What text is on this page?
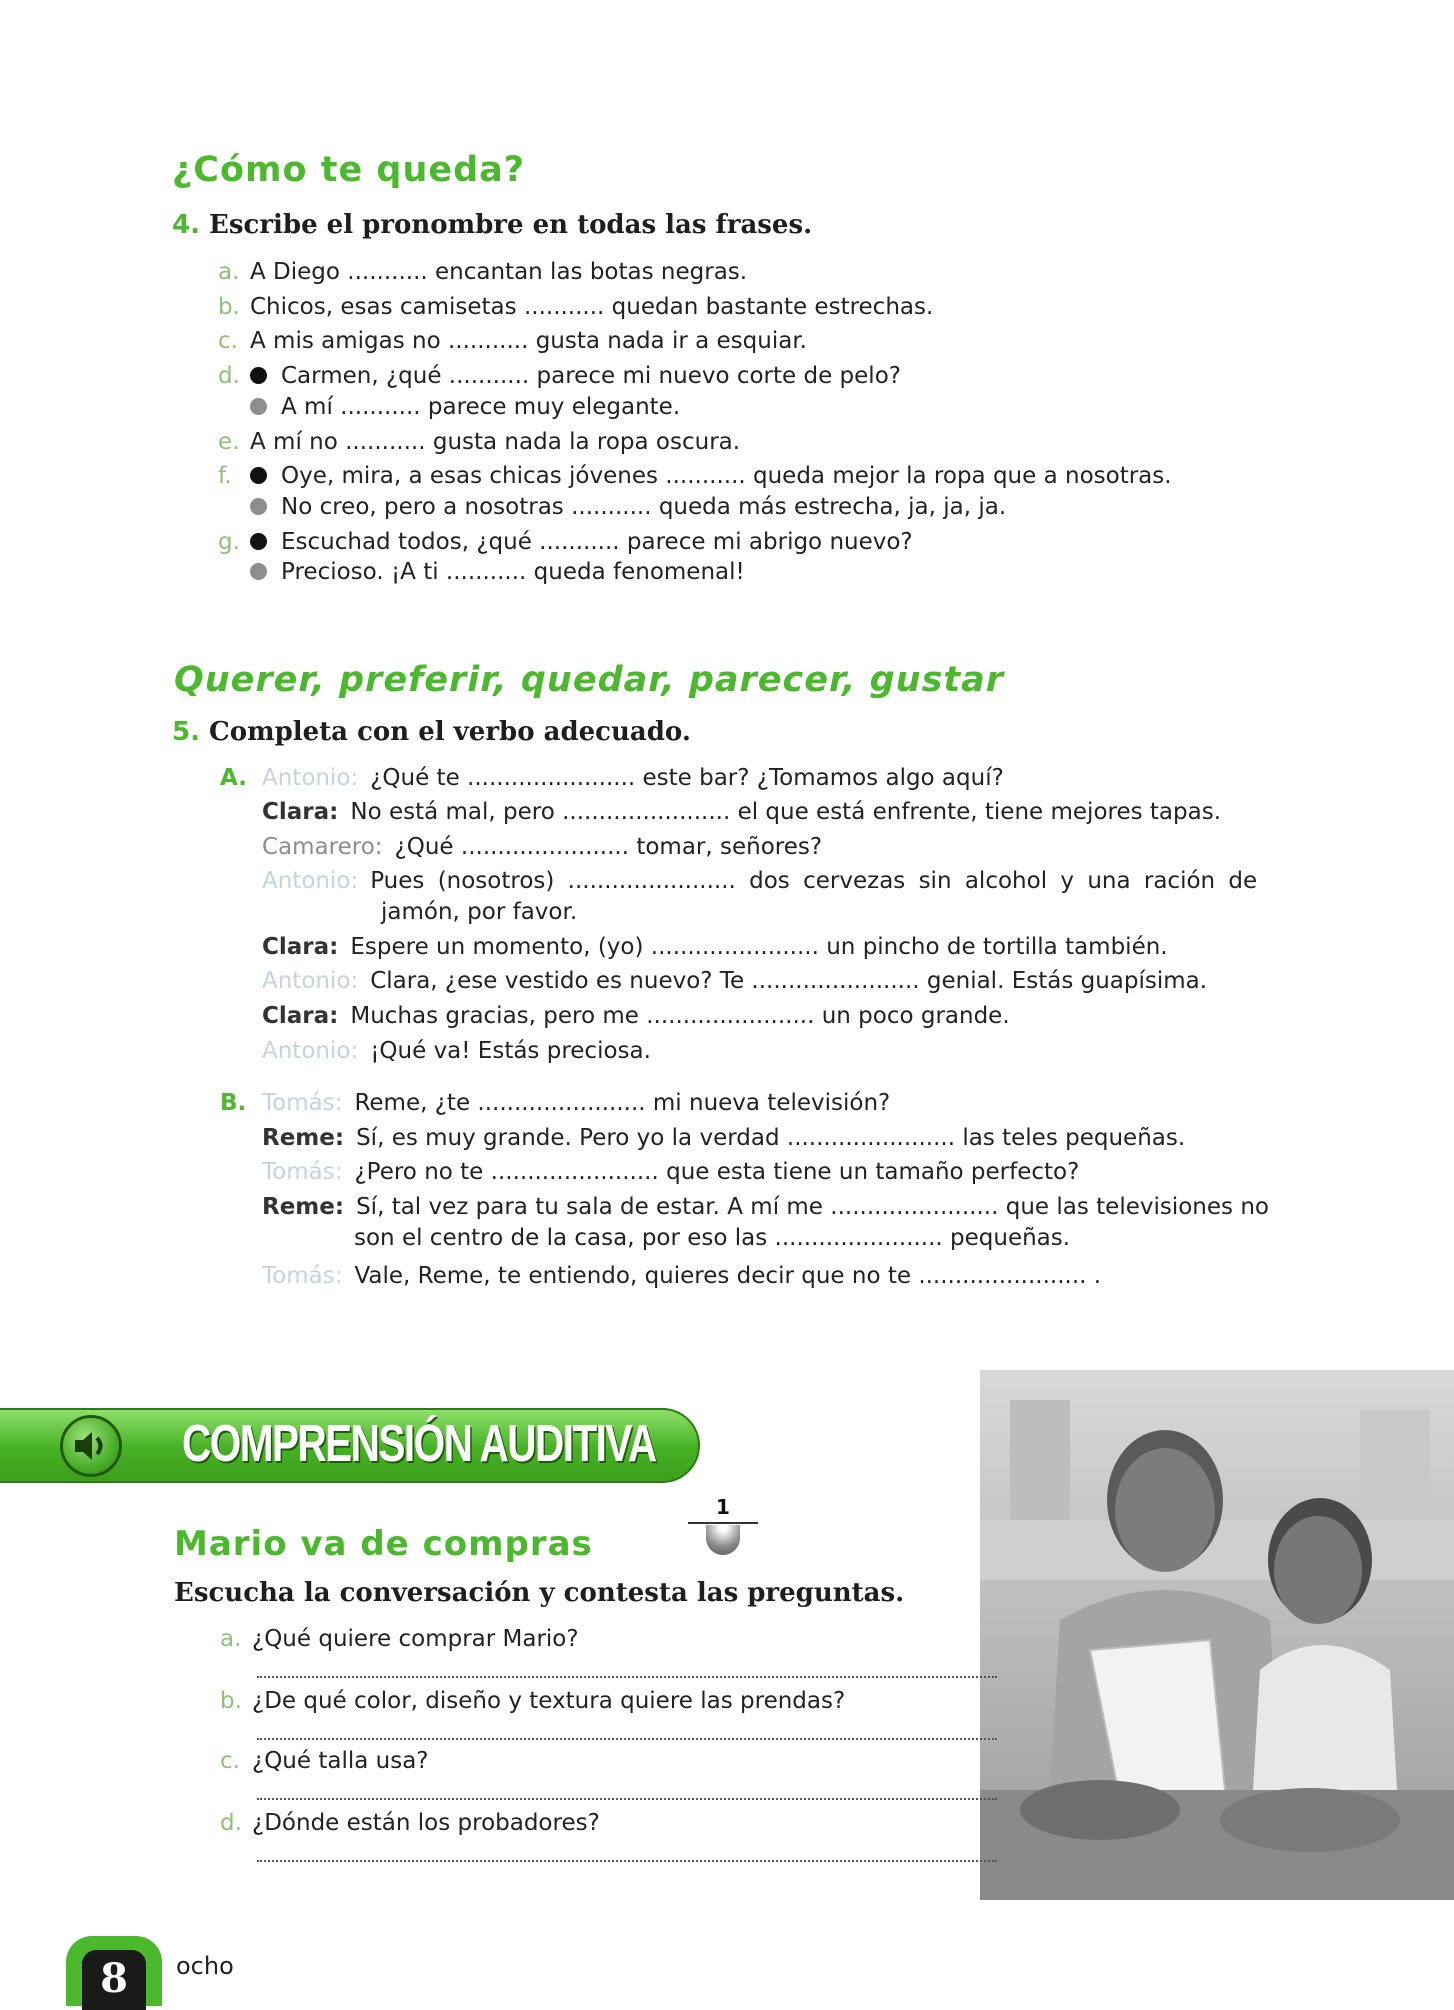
¿Cómo te queda?

4. Escribe el pronombre en todas las frases.

a. A Diego ........... encantan las botas negras.
b. Chicos, esas camisetas ........... quedan bastante estrechas.
c. A mis amigas no ........... gusta nada ir a esquiar.
d. Carmen, ¿qué ........... parece mi nuevo corte de pelo?
A mí ........... parece muy elegante.
e. A mí no ........... gusta nada la ropa oscura.
f. Oye, mira, a esas chicas jóvenes ........... queda mejor la ropa que a nosotras.
No creo, pero a nosotras ........... queda más estrecha, ja, ja, ja.
g. Escuchad todos, ¿qué ........... parece mi abrigo nuevo?
Precioso. ¡A ti ........... queda fenomenal!
Querer, preferir, quedar, parecer, gustar

5. Completa con el verbo adecuado.

A. Antonio: ¿Qué te ....................... este bar? ¿Tomamos algo aquí?
Clara: No está mal, pero ....................... el que está enfrente, tiene mejores tapas.
Camarero: ¿Qué ....................... tomar, señores?
Antonio: Pues (nosotros) ....................... dos cervezas sin alcohol y una ración de
jamón, por favor.
Clara: Espere un momento, (yo) ....................... un pincho de tortilla también.
Antonio: Clara, ¿ese vestido es nuevo? Te ....................... genial. Estás guapísima.
Clara: Muchas gracias, pero me ....................... un poco grande.
Antonio: ¡Qué va! Estás preciosa.
B. Tomás: Reme, ¿te ....................... mi nueva televisión?
Reme: Sí, es muy grande. Pero yo la verdad ....................... las teles pequeñas.
Tomás: ¿Pero no te ....................... que esta tiene un tamaño perfecto?
Reme: Sí, tal vez para tu sala de estar. A mí me ....................... que las televisiones no
son el centro de la casa, por eso las ....................... pequeñas.
Tomás: Vale, Reme, te entiendo, quieres decir que no te ....................... .
COMPRENSIÓN AUDITIVA
Mario va de compras
1

Escucha la conversación y contesta las preguntas.

a. ¿Qué quiere comprar Mario?
b. ¿De qué color, diseño y textura quiere las prendas?
c. ¿Qué talla usa?
d. ¿Dónde están los probadores?
8	ocho
